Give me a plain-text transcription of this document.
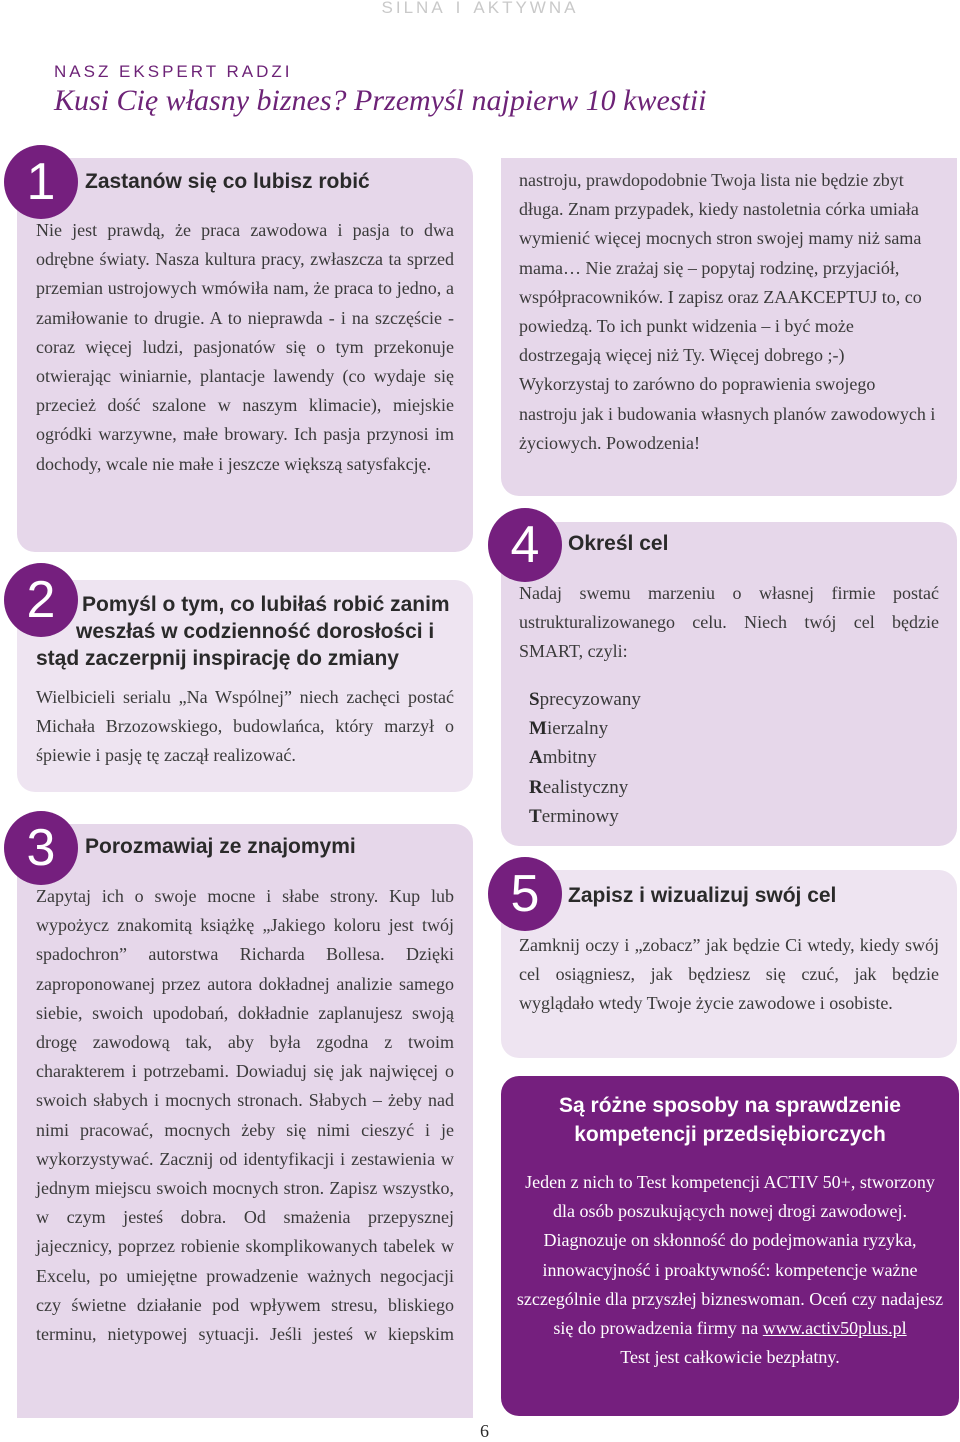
SILNA I AKTYWNA
NASZ EKSPERT RADZI
Kusi Cię własny biznes? Przemyśl najpierw 10 kwestii
1	Zastanów się co lubisz robić
Nie jest prawdą, że praca zawodowa i pasja to dwa odrębne światy. Nasza kultura pracy, zwłaszcza ta sprzed przemian ustrojowych wmówiła nam, że praca to jedno, a zamiłowanie to drugie. A to nieprawda - i na szczęście - coraz więcej ludzi, pasjonatów się o tym przekonuje otwierając winiarnie, plantacje lawendy (co wydaje się przecież dość szalone w naszym klimacie), miejskie ogródki warzywne, małe browary. Ich pasja przynosi im dochody, wcale nie małe i jeszcze większą satysfakcję.
2	Pomyśl o tym, co lubiłaś robić zanim
weszłaś w codzienność dorosłości i
stąd zaczerpnij inspirację do zmiany
Wielbicieli serialu „Na Wspólnej” niech zachęci postać Michała Brzozowskiego, budowlańca, który marzył o śpiewie i pasję tę zaczął realizować.
3	Porozmawiaj ze znajomymi
Zapytaj ich o swoje mocne i słabe strony. Kup lub wypożycz znakomitą książkę „Jakiego koloru jest twój spadochron” autorstwa Richarda Bollesa. Dzięki zaproponowanej przez autora dokładnej analizie samego siebie, swoich upodobań, dokładnie zaplanujesz swoją drogę zawodową tak, aby była zgodna z twoim charakterem i potrzebami. Dowiaduj się jak najwięcej o swoich słabych i mocnych stronach. Słabych – żeby nad nimi pracować, mocnych żeby się nimi cieszyć i je wykorzystywać. Zacznij od identyfikacji i zestawienia w jednym miejscu swoich mocnych stron. Zapisz wszystko, w czym jesteś dobra. Od smażenia przepysznej jajecznicy, poprzez robienie skomplikowanych tabelek w Excelu, po umiejętne prowadzenie ważnych negocjacji czy świetne działanie pod wpływem stresu, bliskiego terminu, nietypowej sytuacji. Jeśli jesteś w kiepskim
nastroju, prawdopodobnie Twoja lista nie będzie zbyt długa. Znam przypadek, kiedy nastoletnia córka umiała wymienić więcej mocnych stron swojej mamy niż sama mama… Nie zrażaj się – popytaj rodzinę, przyjaciół, współpracowników. I zapisz oraz ZAAKCEPTUJ to, co powiedzą. To ich punkt widzenia – i być może dostrzegają więcej niż Ty. Więcej dobrego ;-) Wykorzystaj to zarówno do poprawienia swojego nastroju jak i budowania własnych planów zawodowych i życiowych. Powodzenia!
4	Określ cel
Nadaj swemu marzeniu o własnej firmie postać ustrukturalizowanego celu. Niech twój cel będzie SMART, czyli:
Sprecyzowany
Mierzalny
Ambitny
Realistyczny
Terminowy
5	Zapisz i wizualizuj swój cel
Zamknij oczy i „zobacz” jak będzie Ci wtedy, kiedy swój cel osiągniesz, jak będziesz się czuć, jak będzie wyglądało wtedy Twoje życie zawodowe i osobiste.
Są różne sposoby na sprawdzenie kompetencji przedsiębiorczych
Jeden z nich to Test kompetencji ACTIV 50+, stworzony dla osób poszukujących nowej drogi zawodowej. Diagnozuje on skłonność do podejmowania ryzyka, innowacyjność i proaktywność: kompetencje ważne szczególnie dla przyszłej bizneswoman. Oceń czy nadajesz się do prowadzenia firmy na www.activ50plus.pl
Test jest całkowicie bezpłatny.
6
